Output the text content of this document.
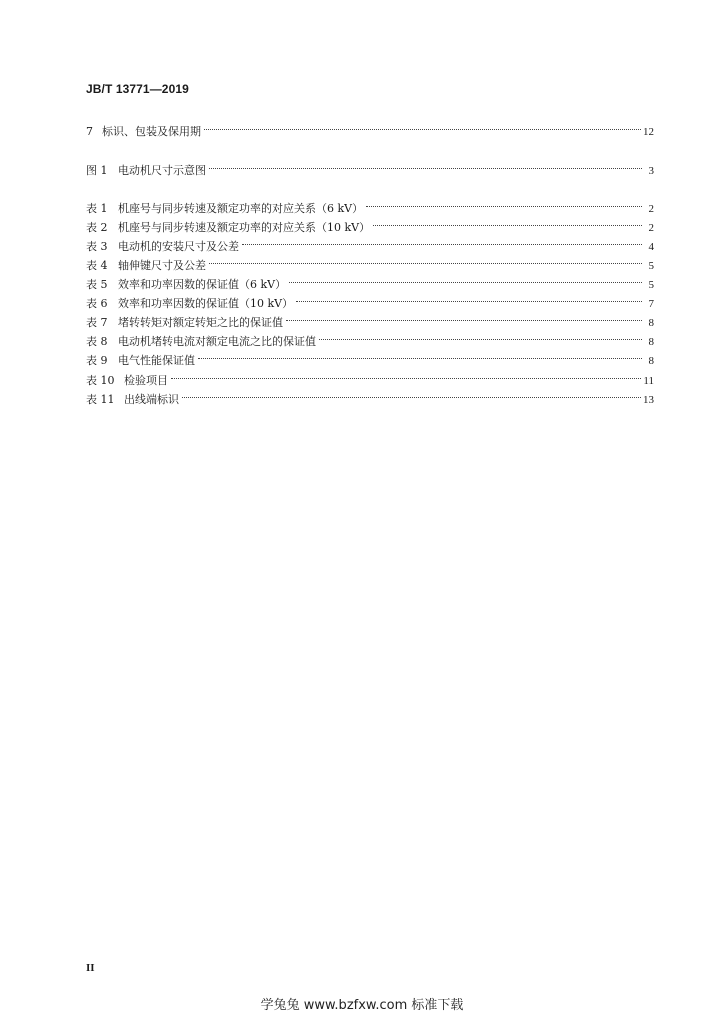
JB/T 13771—2019
7 标识、包装及保用期	12
图 1 电动机尺寸示意图	3
表 1 机座号与同步转速及额定功率的对应关系（6 kV）	2
表 2 机座号与同步转速及额定功率的对应关系（10 kV）	2
表 3 电动机的安装尺寸及公差	4
表 4 轴伸键尺寸及公差	5
表 5 效率和功率因数的保证值（6 kV）	5
表 6 效率和功率因数的保证值（10 kV）	7
表 7 堵转转矩对额定转矩之比的保证值	8
表 8 电动机堵转电流对额定电流之比的保证值	8
表 9 电气性能保证值	8
表 10 检验项目	11
表 11 出线端标识	13
II
学兔兔 www.bzfxw.com 标准下载
